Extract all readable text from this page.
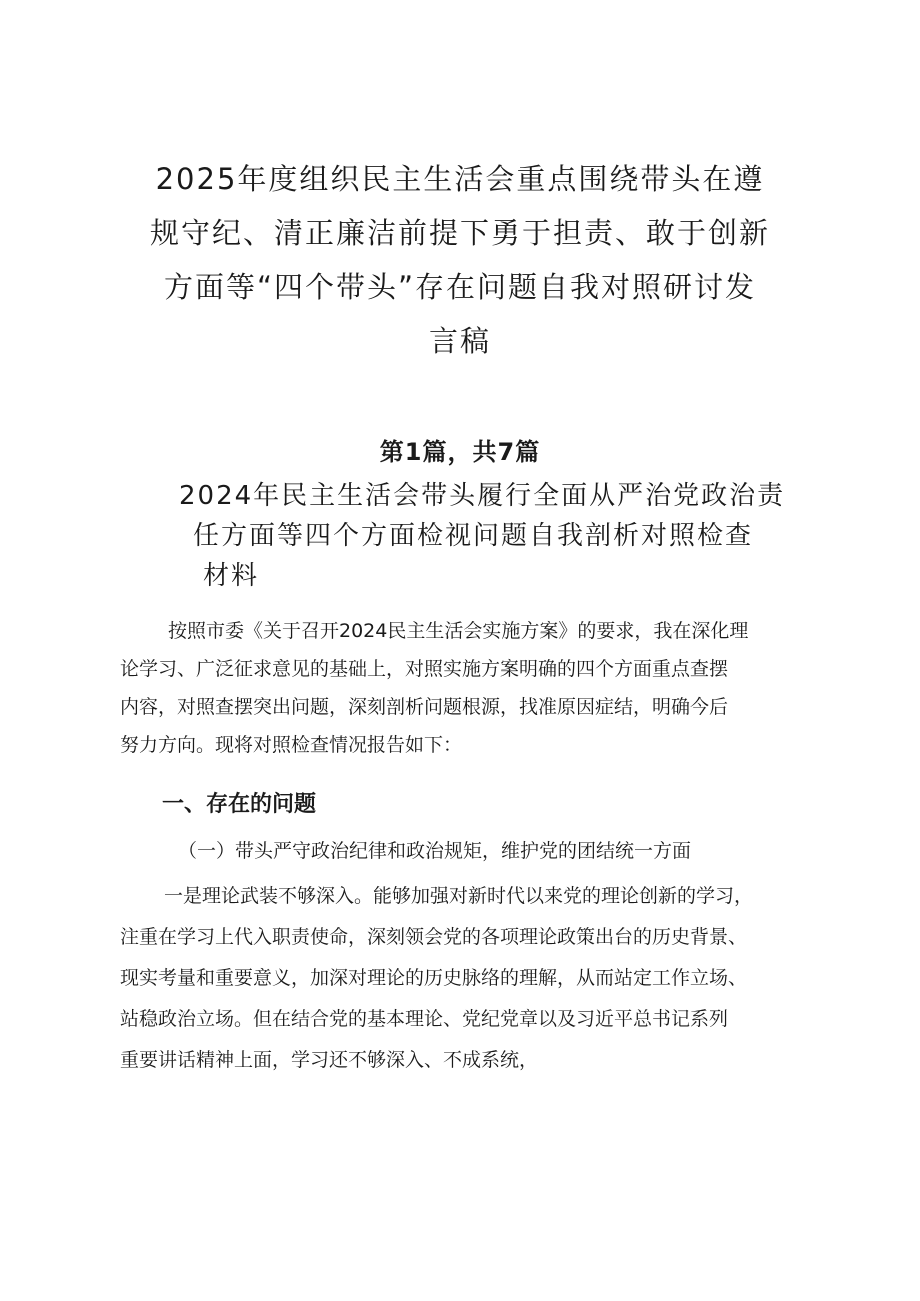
2025年度组织民主生活会重点围绕带头在遵
规守纪、清正廉洁前提下勇于担责、敢于创新
方面等“四个带头”存在问题自我对照研讨发
言稿
第1篇，共7篇
2024年民主生活会带头履行全面从严治党政治责
任方面等四个方面检视问题自我剖析对照检查
材料
按照市委《关于召开2024民主生活会实施方案》的要求，我在深化理
论学习、广泛征求意见的基础上，对照实施方案明确的四个方面重点查摆
内容，对照查摆突出问题，深刻剖析问题根源，找准原因症结，明确今后
努力方向。现将对照检查情况报告如下：
一、存在的问题
（一）带头严守政治纪律和政治规矩，维护党的团结统一方面
一是理论武装不够深入。能够加强对新时代以来党的理论创新的学习，
注重在学习上代入职责使命，深刻领会党的各项理论政策出台的历史背景、
现实考量和重要意义，加深对理论的历史脉络的理解，从而站定工作立场、
站稳政治立场。但在结合党的基本理论、党纪党章以及习近平总书记系列
重要讲话精神上面，学习还不够深入、不成系统，
